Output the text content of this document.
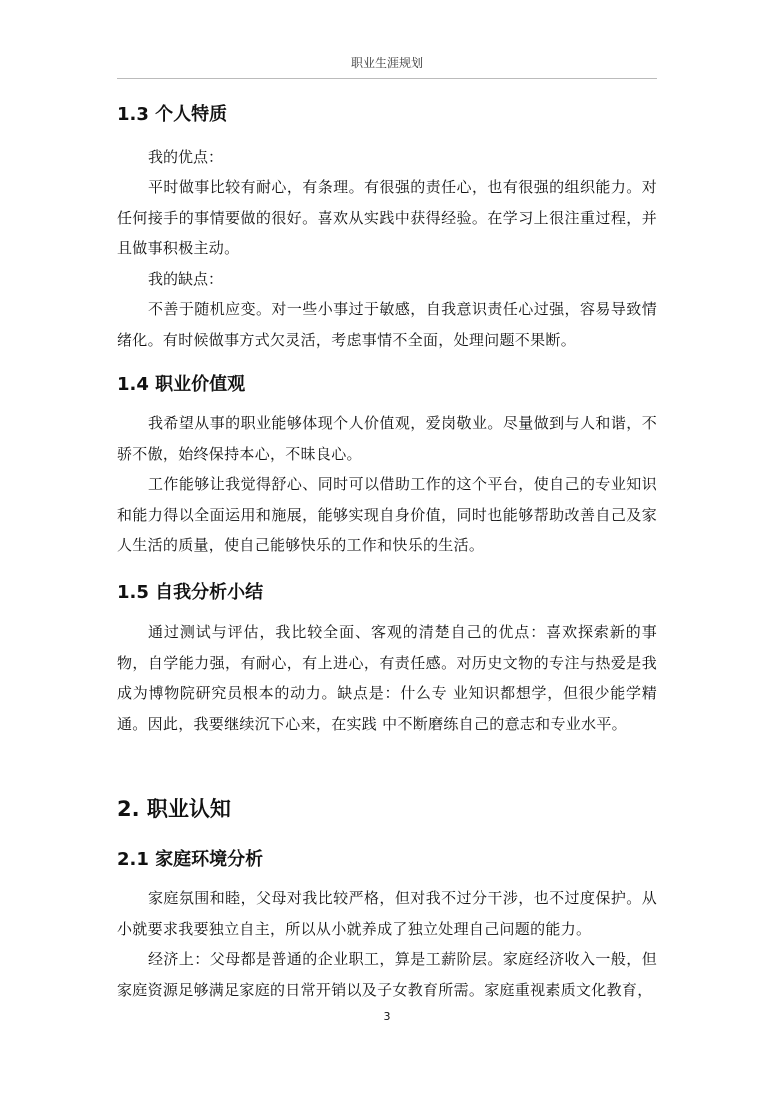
职业生涯规划
1.3 个人特质
我的优点：
平时做事比较有耐心，有条理。有很强的责任心，也有很强的组织能力。对任何接手的事情要做的很好。喜欢从实践中获得经验。在学习上很注重过程，并且做事积极主动。
我的缺点：
不善于随机应变。对一些小事过于敏感，自我意识责任心过强，容易导致情绪化。有时候做事方式欠灵活，考虑事情不全面，处理问题不果断。
1.4 职业价值观
我希望从事的职业能够体现个人价值观，爱岗敬业。尽量做到与人和谐，不骄不傲，始终保持本心，不昧良心。
工作能够让我觉得舒心、同时可以借助工作的这个平台，使自己的专业知识和能力得以全面运用和施展，能够实现自身价值，同时也能够帮助改善自己及家人生活的质量，使自己能够快乐的工作和快乐的生活。
1.5 自我分析小结
通过测试与评估，我比较全面、客观的清楚自己的优点：喜欢探索新的事物，自学能力强，有耐心，有上进心，有责任感。对历史文物的专注与热爱是我成为博物院研究员根本的动力。缺点是：什么专 业知识都想学，但很少能学精通。因此，我要继续沉下心来，在实践 中不断磨练自己的意志和专业水平。
2. 职业认知
2.1 家庭环境分析
家庭氛围和睦，父母对我比较严格，但对我不过分干涉，也不过度保护。从小就要求我要独立自主，所以从小就养成了独立处理自己问题的能力。
经济上：父母都是普通的企业职工，算是工薪阶层。家庭经济收入一般，但家庭资源足够满足家庭的日常开销以及子女教育所需。家庭重视素质文化教育，
3
